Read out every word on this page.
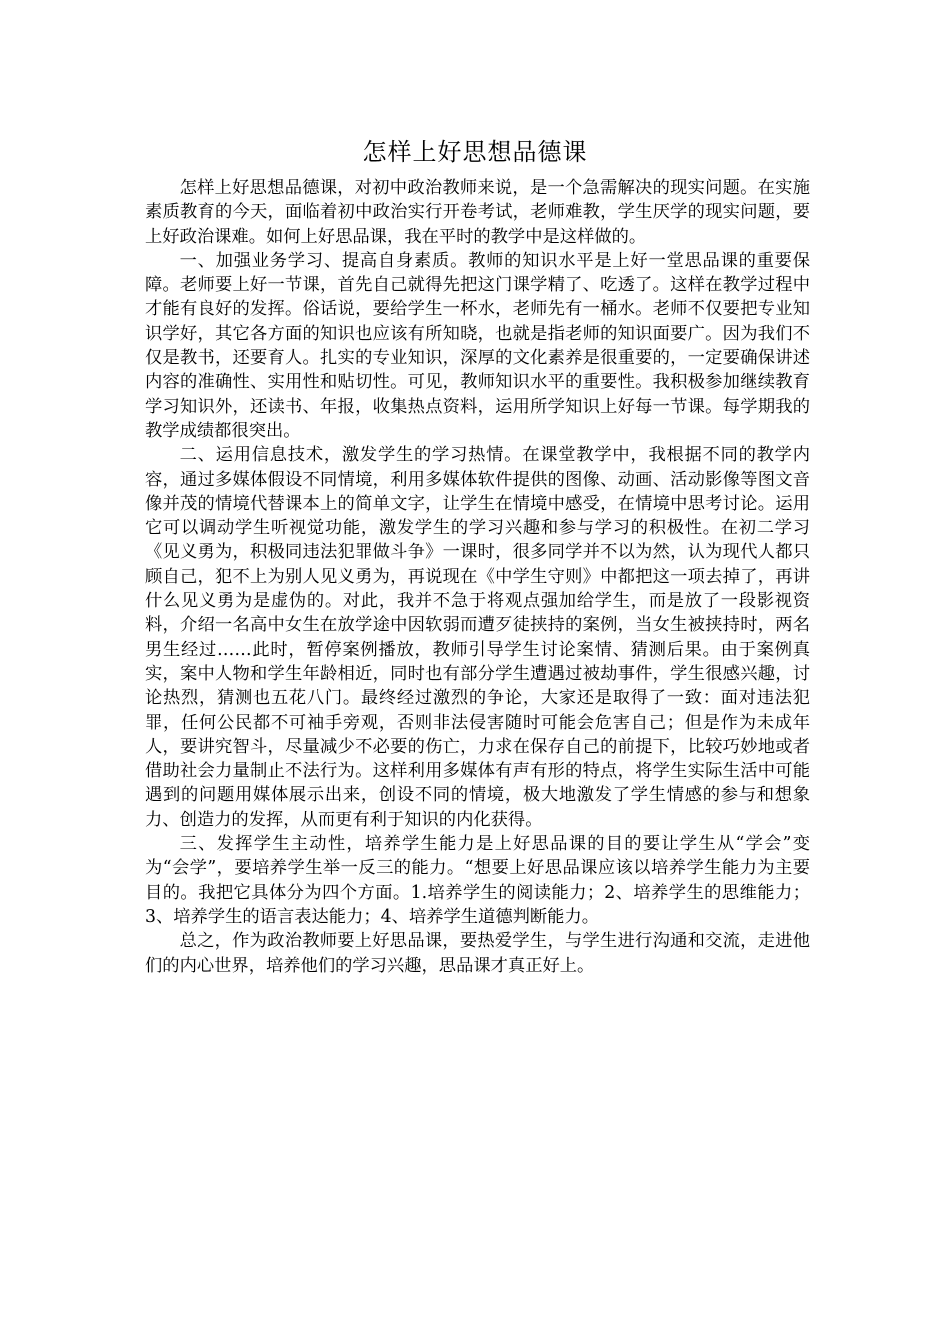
怎样上好思想品德课

怎样上好思想品德课，对初中政治教师来说，是一个急需解决的现实问题。在实施素质教育的今天，面临着初中政治实行开卷考试，老师难教，学生厌学的现实问题，要上好政治课难。如何上好思品课，我在平时的教学中是这样做的。

一、加强业务学习、提高自身素质。教师的知识水平是上好一堂思品课的重要保障。老师要上好一节课，首先自己就得先把这门课学精了、吃透了。这样在教学过程中才能有良好的发挥。俗话说，要给学生一杯水，老师先有一桶水。老师不仅要把专业知识学好，其它各方面的知识也应该有所知晓，也就是指老师的知识面要广。因为我们不仅是教书，还要育人。扎实的专业知识，深厚的文化素养是很重要的，一定要确保讲述内容的准确性、实用性和贴切性。可见，教师知识水平的重要性。我积极参加继续教育学习知识外，还读书、年报，收集热点资料，运用所学知识上好每一节课。每学期我的教学成绩都很突出。

二、运用信息技术，激发学生的学习热情。在课堂教学中，我根据不同的教学内容，通过多媒体假设不同情境，利用多媒体软件提供的图像、动画、活动影像等图文音像并茂的情境代替课本上的简单文字，让学生在情境中感受，在情境中思考讨论。运用它可以调动学生听视觉功能，激发学生的学习兴趣和参与学习的积极性。在初二学习《见义勇为，积极同违法犯罪做斗争》一课时，很多同学并不以为然，认为现代人都只顾自己，犯不上为别人见义勇为，再说现在《中学生守则》中都把这一项去掉了，再讲什么见义勇为是虚伪的。对此，我并不急于将观点强加给学生，而是放了一段影视资料，介绍一名高中女生在放学途中因软弱而遭歹徒挟持的案例，当女生被挟持时，两名男生经过……此时，暂停案例播放，教师引导学生讨论案情、猜测后果。由于案例真实，案中人物和学生年龄相近，同时也有部分学生遭遇过被劫事件，学生很感兴趣，讨论热烈，猜测也五花八门。最终经过激烈的争论，大家还是取得了一致：面对违法犯罪，任何公民都不可袖手旁观，否则非法侵害随时可能会危害自己；但是作为未成年人，要讲究智斗，尽量减少不必要的伤亡，力求在保存自己的前提下，比较巧妙地或者借助社会力量制止不法行为。这样利用多媒体有声有形的特点，将学生实际生活中可能遇到的问题用媒体展示出来，创设不同的情境，极大地激发了学生情感的参与和想象力、创造力的发挥，从而更有利于知识的内化获得。

三、发挥学生主动性，培养学生能力是上好思品课的目的要让学生从“学会”变为“会学”，要培养学生举一反三的能力。“想要上好思品课应该以培养学生能力为主要目的。我把它具体分为四个方面。1.培养学生的阅读能力；2、培养学生的思维能力；3、培养学生的语言表达能力；4、培养学生道德判断能力。

总之，作为政治教师要上好思品课，要热爱学生，与学生进行沟通和交流，走进他们的内心世界，培养他们的学习兴趣，思品课才真正好上。
